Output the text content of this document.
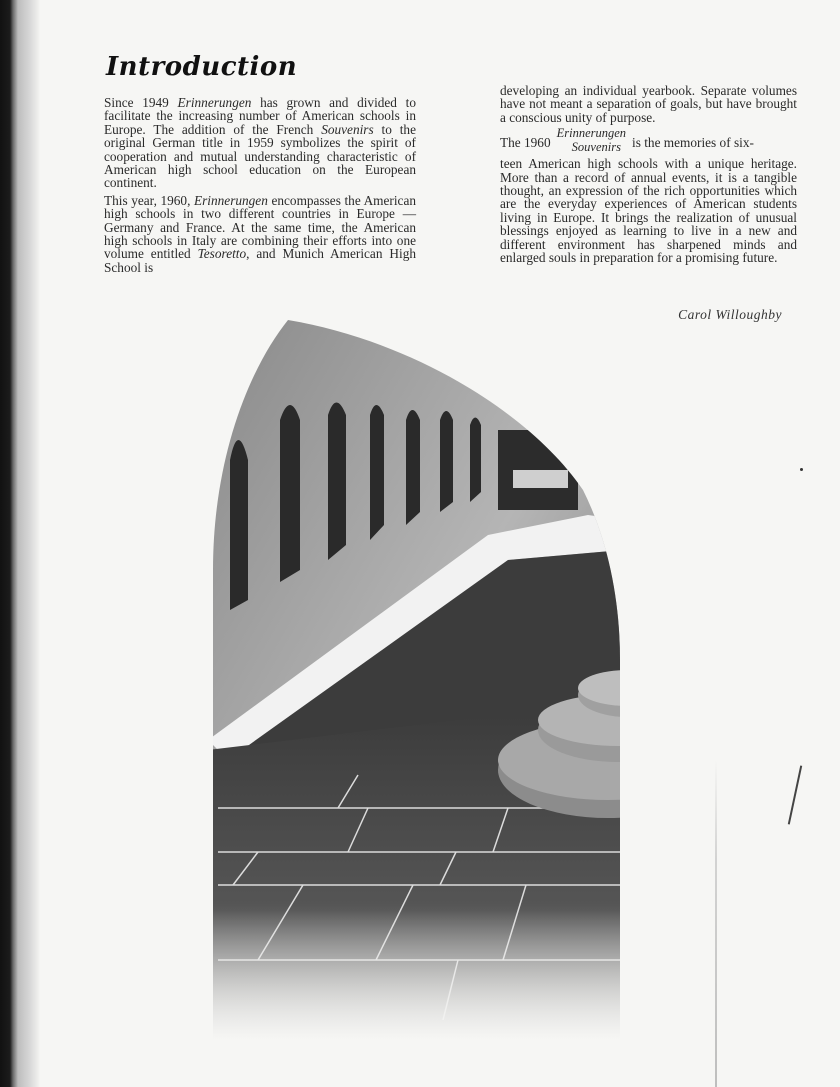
Introduction

Since 1949 Erinnerungen has grown and divided to facilitate the increasing number of American schools in Europe. The addition of the French Souvenirs to the original German title in 1959 symbolizes the spirit of cooperation and mutual understanding characteristic of American high school education on the European continent.

This year, 1960, Erinnerungen encompasses the American high schools in two different countries in Europe — Germany and France. At the same time, the American high schools in Italy are combining their efforts into one volume entitled Tesoretto, and Munich American High School is

developing an individual yearbook. Separate volumes have not meant a separation of goals, but have brought a conscious unity of purpose.

The 1960
Erinnerungen
Souvenirs is the memories of six-

teen American high schools with a unique heritage. More than a record of annual events, it is a tangible thought, an expression of the rich opportunities which are the everyday experiences of American students living in Europe. It brings the realization of unusual blessings enjoyed as learning to live in a new and different environment has sharpened minds and enlarged souls in preparation for a promising future.

Carol Willoughby
